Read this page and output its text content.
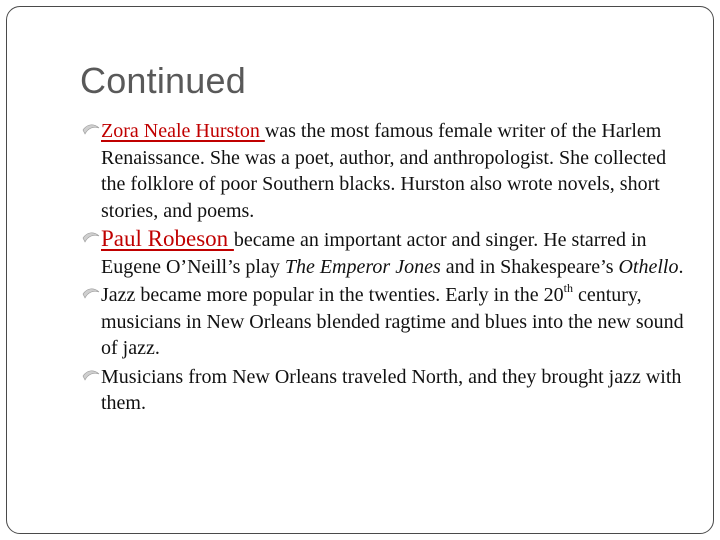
Continued
Zora Neale Hurston was the most famous female writer of the Harlem Renaissance. She was a poet, author, and anthropologist. She collected the folklore of poor Southern blacks. Hurston also wrote novels, short stories, and poems.
Paul Robeson became an important actor and singer. He starred in Eugene O’Neill’s play The Emperor Jones and in Shakespeare’s Othello.
Jazz became more popular in the twenties. Early in the 20th century, musicians in New Orleans blended ragtime and blues into the new sound of jazz.
Musicians from New Orleans traveled North, and they brought jazz with them.
